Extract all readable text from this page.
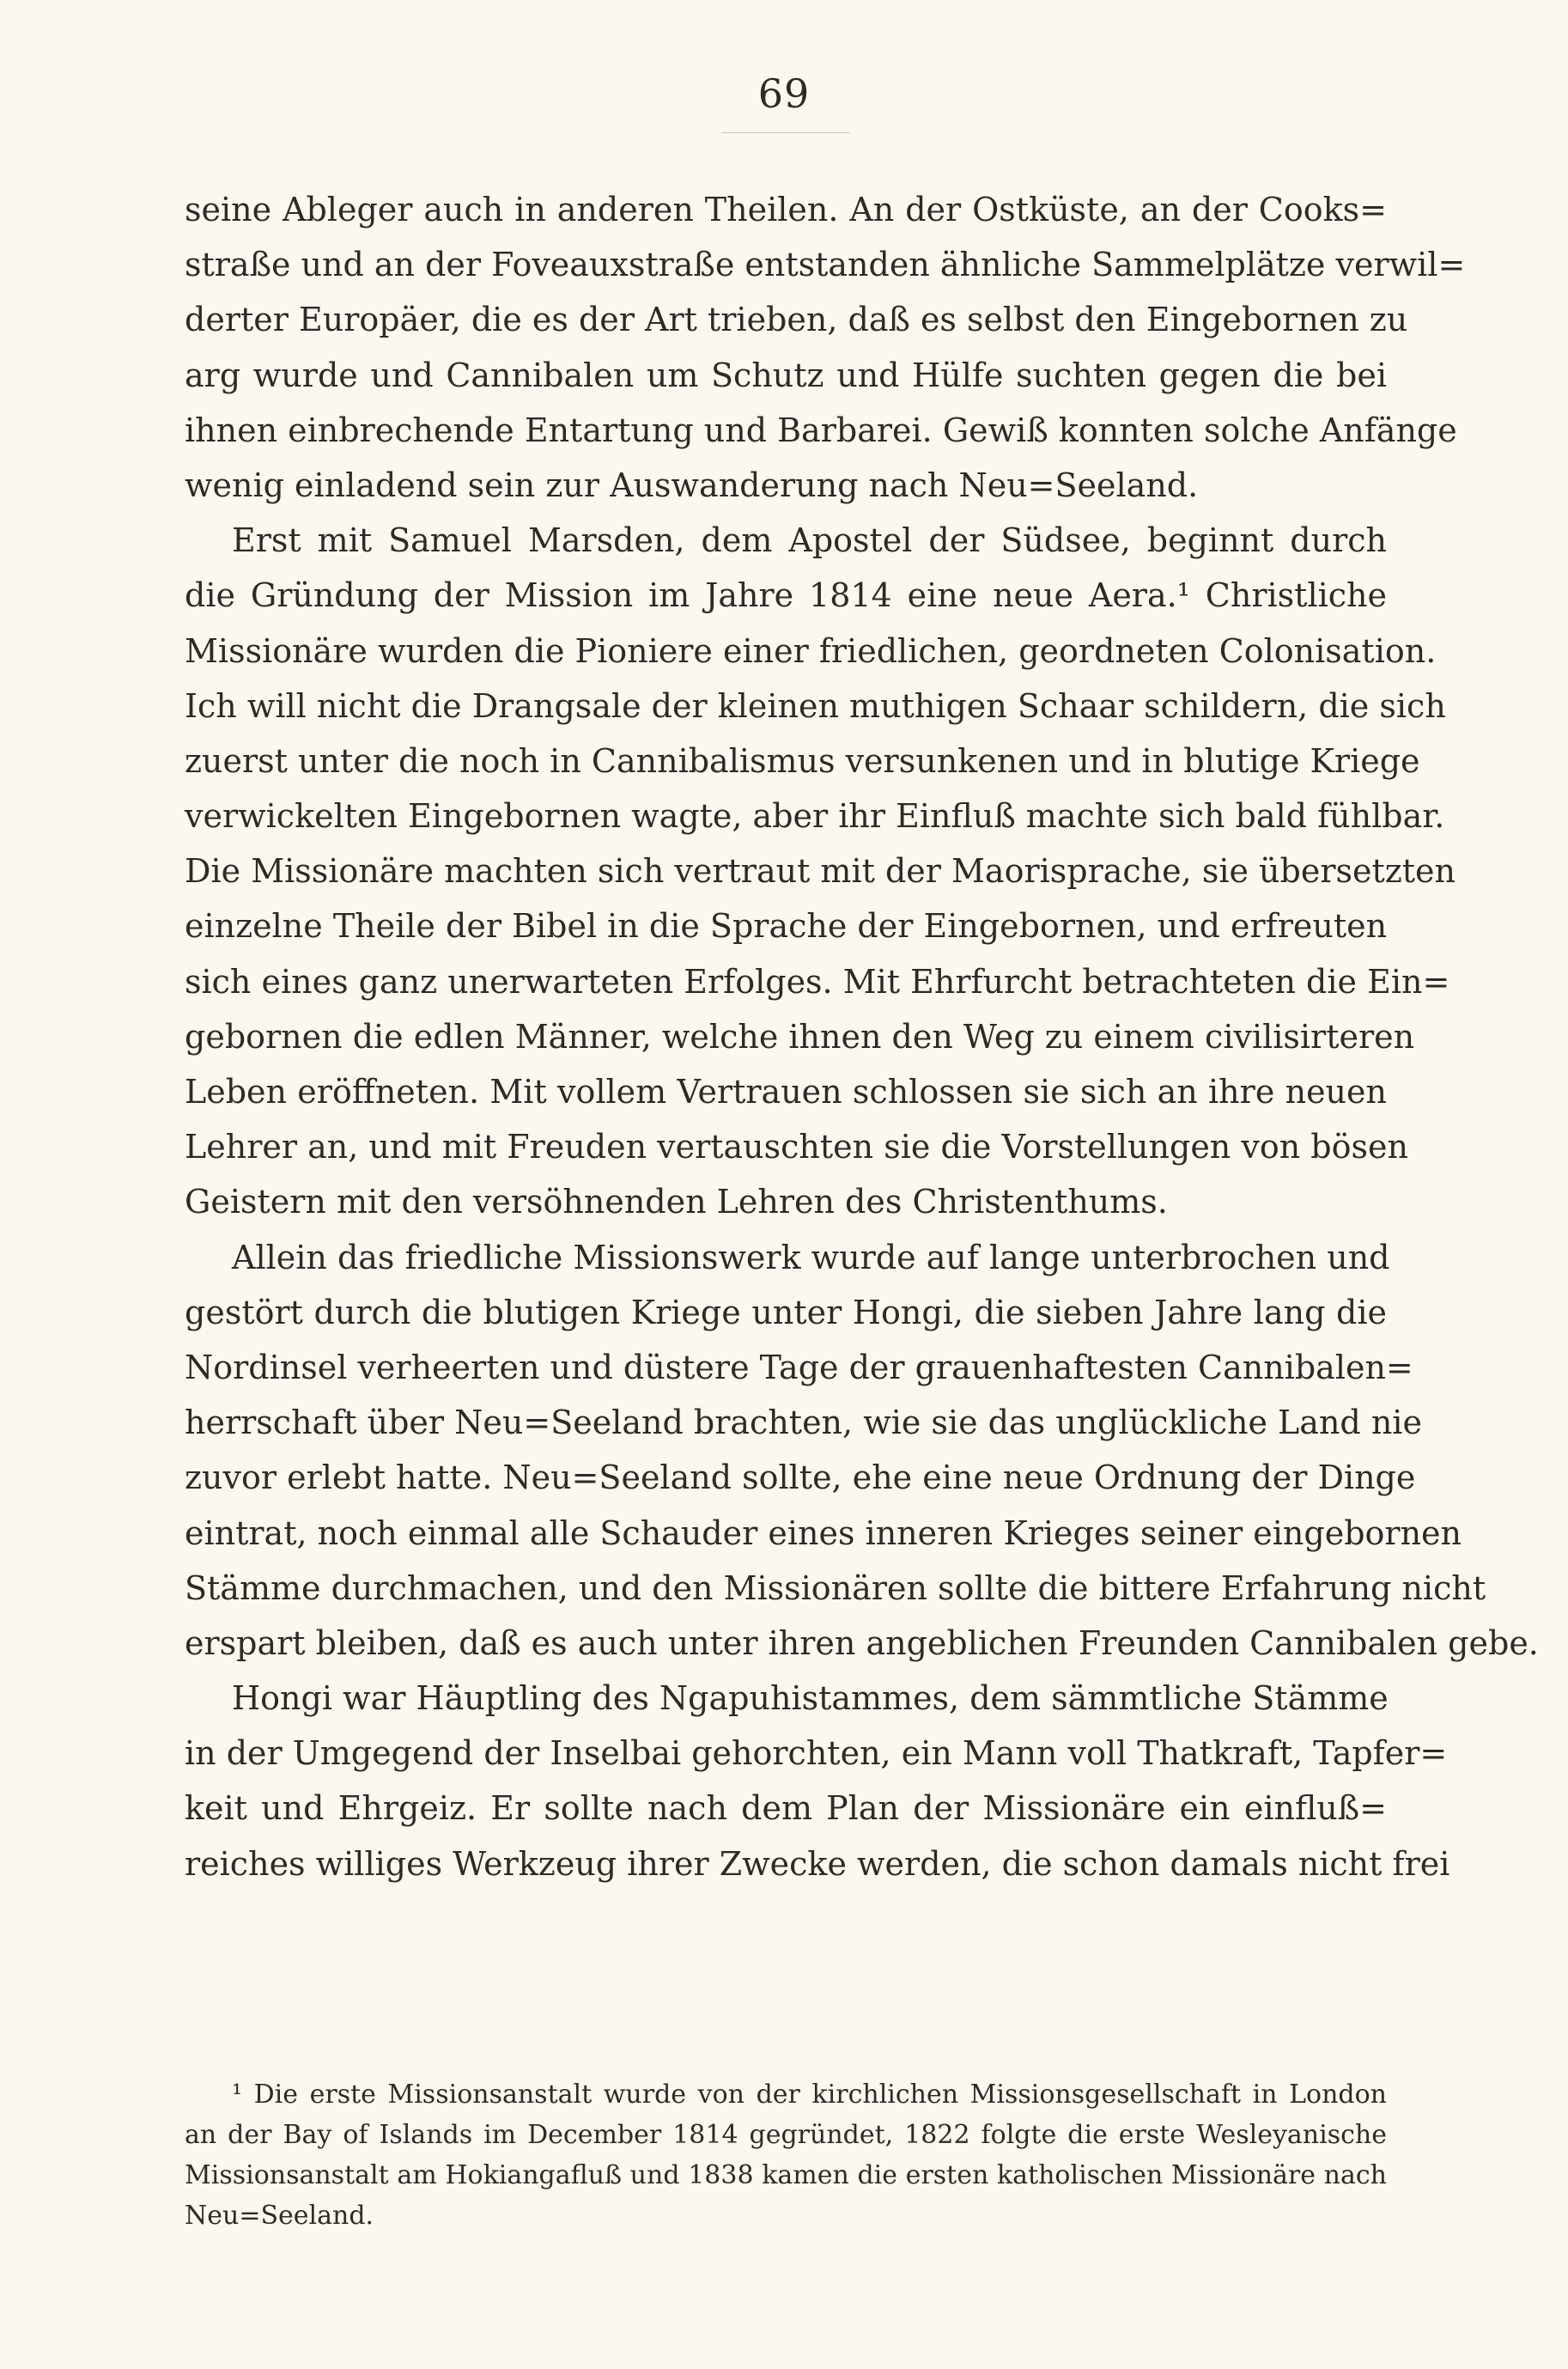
69
seine Ableger auch in anderen Theilen. An der Ostküste, an der Cooks=
straße und an der Foveauxstraße entstanden ähnliche Sammelplätze verwil=
derter Europäer, die es der Art trieben, daß es selbst den Eingebornen zu
arg wurde und Cannibalen um Schutz und Hülfe suchten gegen die bei
ihnen einbrechende Entartung und Barbarei. Gewiß konnten solche Anfänge
wenig einladend sein zur Auswanderung nach Neu=Seeland.
Erst mit Samuel Marsden, dem Apostel der Südsee, beginnt durch
die Gründung der Mission im Jahre 1814 eine neue Aera.¹ Christliche
Missionäre wurden die Pioniere einer friedlichen, geordneten Colonisation.
Ich will nicht die Drangsale der kleinen muthigen Schaar schildern, die sich
zuerst unter die noch in Cannibalismus versunkenen und in blutige Kriege
verwickelten Eingebornen wagte, aber ihr Einfluß machte sich bald fühlbar.
Die Missionäre machten sich vertraut mit der Maorisprache, sie übersetzten
einzelne Theile der Bibel in die Sprache der Eingebornen, und erfreuten
sich eines ganz unerwarteten Erfolges. Mit Ehrfurcht betrachteten die Ein=
gebornen die edlen Männer, welche ihnen den Weg zu einem civilisirteren
Leben eröffneten. Mit vollem Vertrauen schlossen sie sich an ihre neuen
Lehrer an, und mit Freuden vertauschten sie die Vorstellungen von bösen
Geistern mit den versöhnenden Lehren des Christenthums.
Allein das friedliche Missionswerk wurde auf lange unterbrochen und
gestört durch die blutigen Kriege unter Hongi, die sieben Jahre lang die
Nordinsel verheerten und düstere Tage der grauenhaftesten Cannibalen=
herrschaft über Neu=Seeland brachten, wie sie das unglückliche Land nie
zuvor erlebt hatte. Neu=Seeland sollte, ehe eine neue Ordnung der Dinge
eintrat, noch einmal alle Schauder eines inneren Krieges seiner eingebornen
Stämme durchmachen, und den Missionären sollte die bittere Erfahrung nicht
erspart bleiben, daß es auch unter ihren angeblichen Freunden Cannibalen gebe.
Hongi war Häuptling des Ngapuhistammes, dem sämmtliche Stämme
in der Umgegend der Inselbai gehorchten, ein Mann voll Thatkraft, Tapfer=
keit und Ehrgeiz. Er sollte nach dem Plan der Missionäre ein einfluß=
reiches williges Werkzeug ihrer Zwecke werden, die schon damals nicht frei
¹ Die erste Missionsanstalt wurde von der kirchlichen Missionsgesellschaft in London
an der Bay of Islands im December 1814 gegründet, 1822 folgte die erste Wesleyanische
Missionsanstalt am Hokiangafluß und 1838 kamen die ersten katholischen Missionäre nach
Neu=Seeland.
